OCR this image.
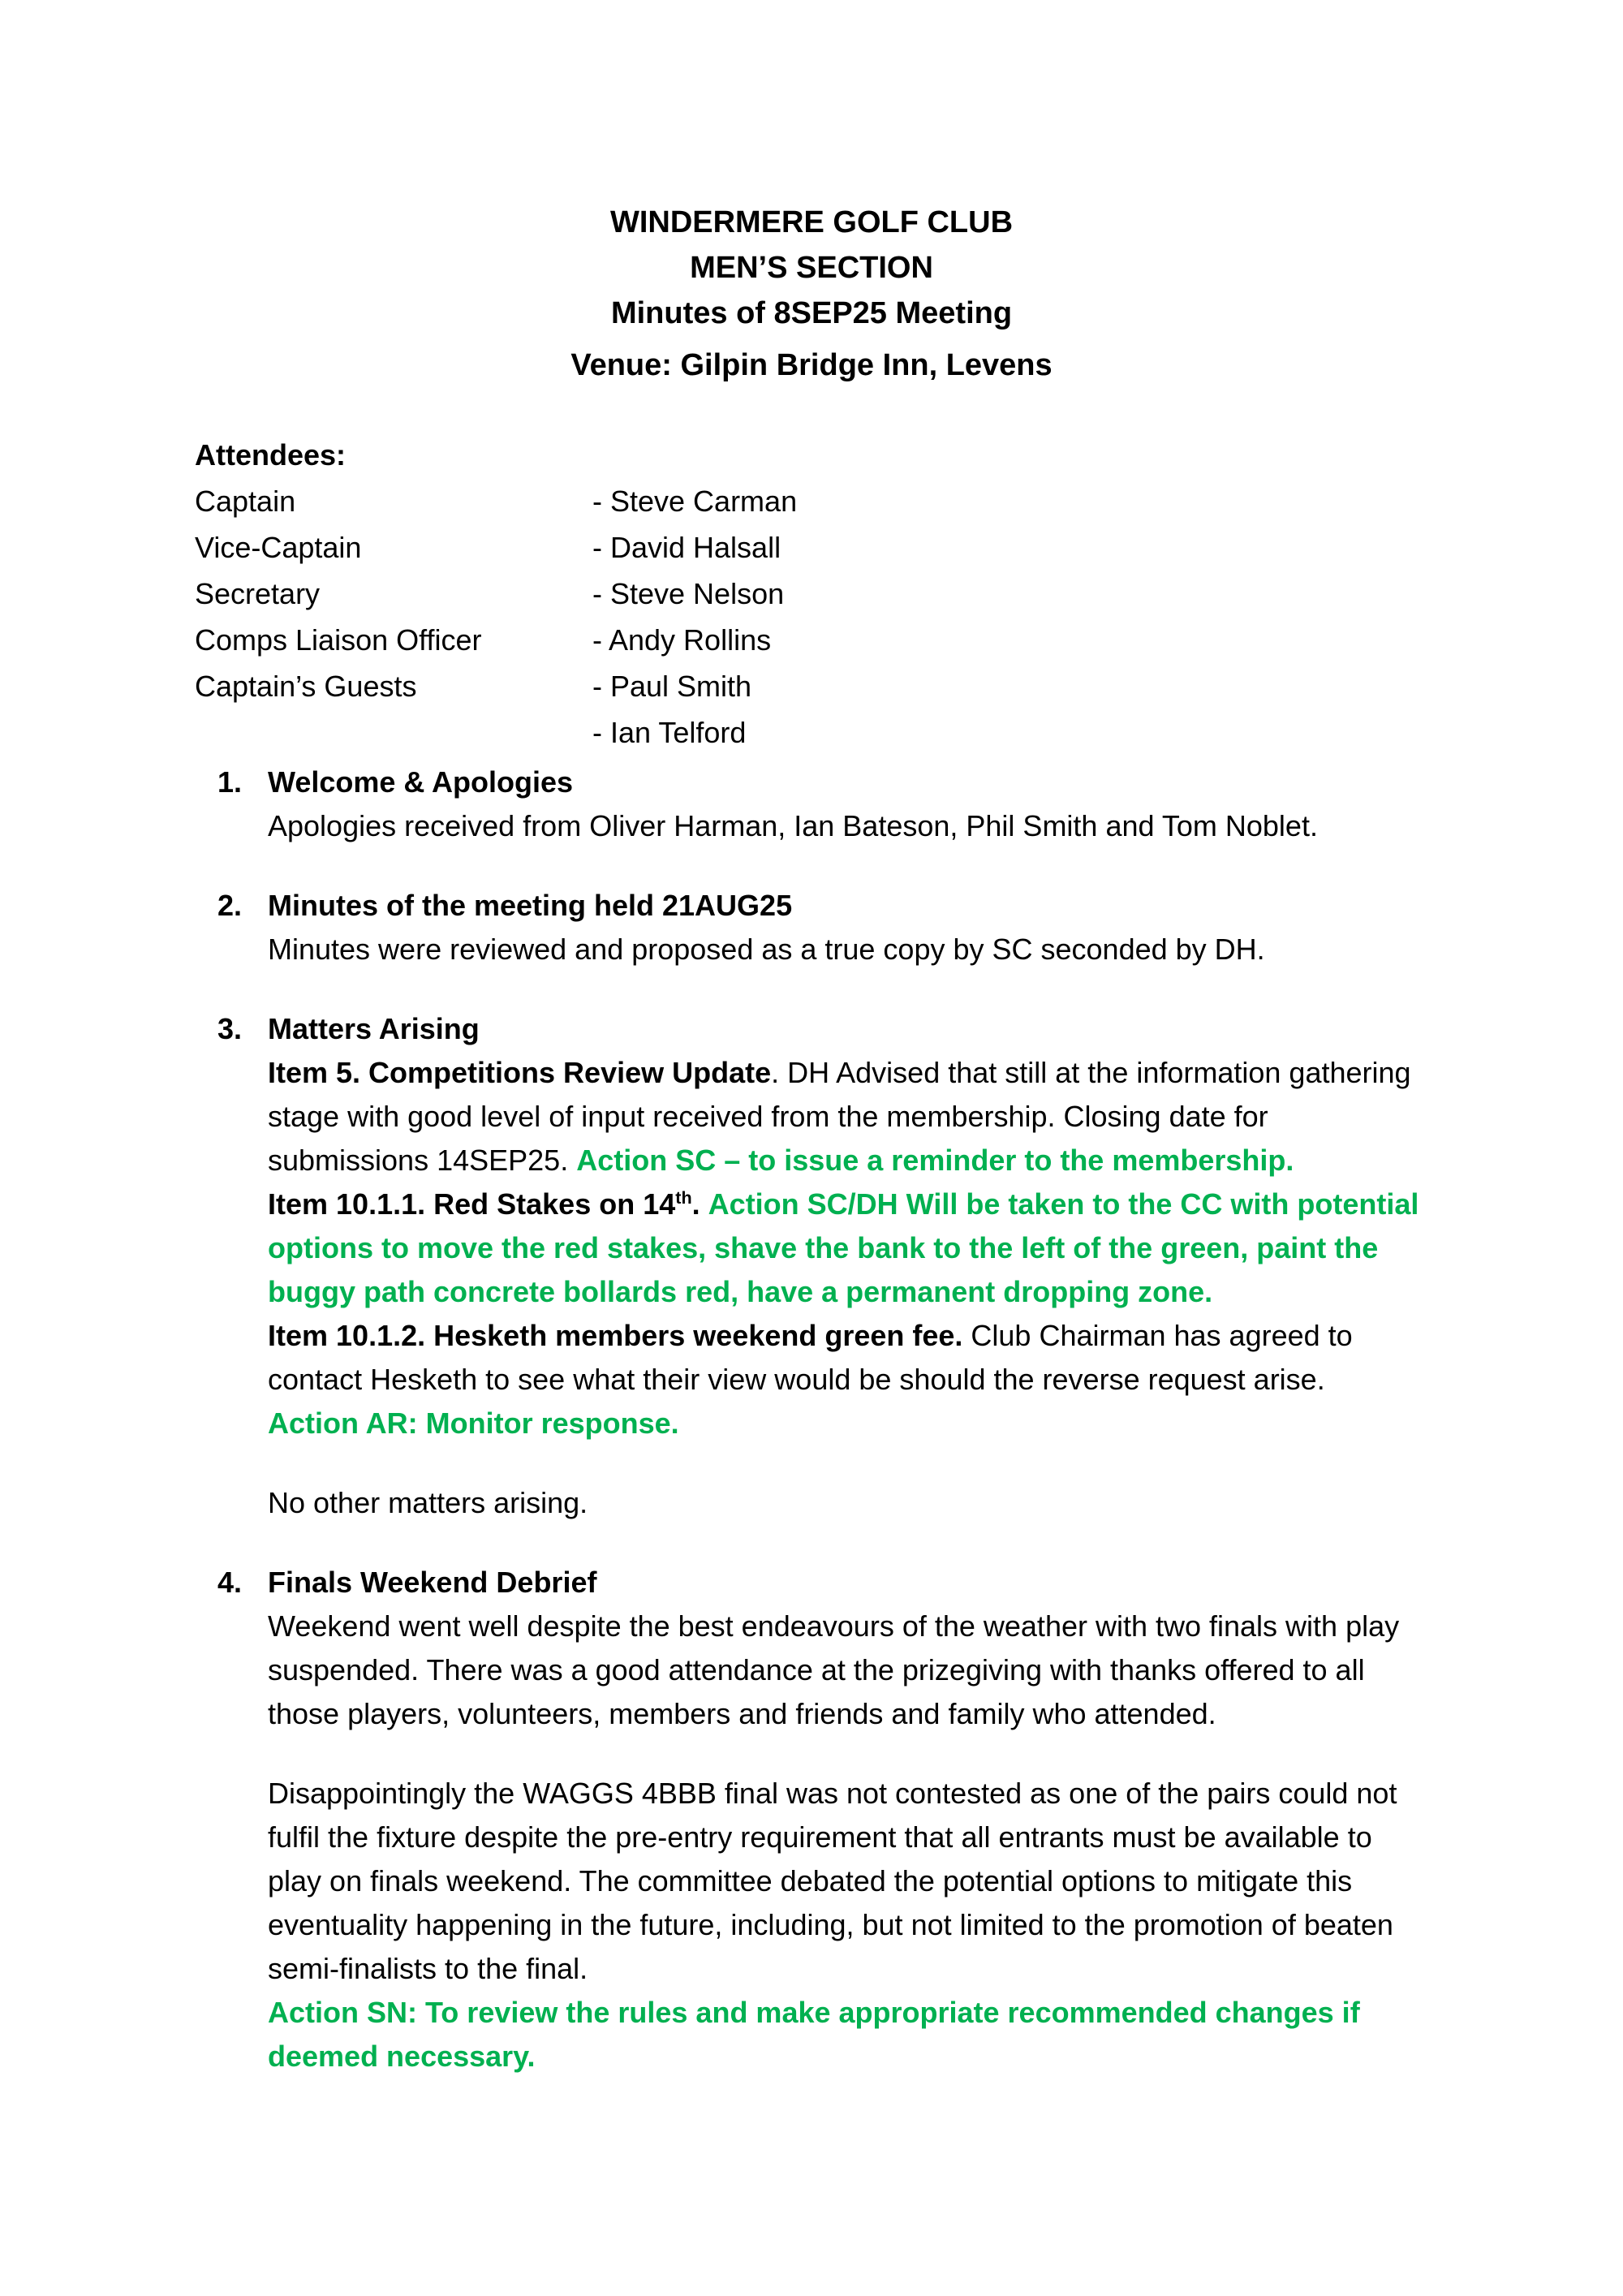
WINDERMERE GOLF CLUB
MEN’S SECTION
Minutes of 8SEP25 Meeting
Venue: Gilpin Bridge Inn, Levens
Attendees:
Captain	- Steve Carman
Vice-Captain	- David Halsall
Secretary	- Steve Nelson
Comps Liaison Officer	- Andy Rollins
Captain’s Guests	- Paul Smith
- Ian Telford
1. Welcome & Apologies

Apologies received from Oliver Harman, Ian Bateson, Phil Smith and Tom Noblet.

2. Minutes of the meeting held 21AUG25

Minutes were reviewed and proposed as a true copy by SC seconded by DH.

3. Matters Arising

Item 5. Competitions Review Update. DH Advised that still at the information gathering stage with good level of input received from the membership. Closing date for submissions 14SEP25. Action SC – to issue a reminder to the membership.

Item 10.1.1. Red Stakes on 14th. Action SC/DH Will be taken to the CC with potential options to move the red stakes, shave the bank to the left of the green, paint the buggy path concrete bollards red, have a permanent dropping zone.

Item 10.1.2. Hesketh members weekend green fee. Club Chairman has agreed to contact Hesketh to see what their view would be should the reverse request arise.

Action AR: Monitor response.

No other matters arising.

4. Finals Weekend Debrief

Weekend went well despite the best endeavours of the weather with two finals with play suspended. There was a good attendance at the prizegiving with thanks offered to all those players, volunteers, members and friends and family who attended.

Disappointingly the WAGGS 4BBB final was not contested as one of the pairs could not fulfil the fixture despite the pre-entry requirement that all entrants must be available to play on finals weekend. The committee debated the potential options to mitigate this eventuality happening in the future, including, but not limited to the promotion of beaten semi-finalists to the final.

Action SN: To review the rules and make appropriate recommended changes if deemed necessary.
